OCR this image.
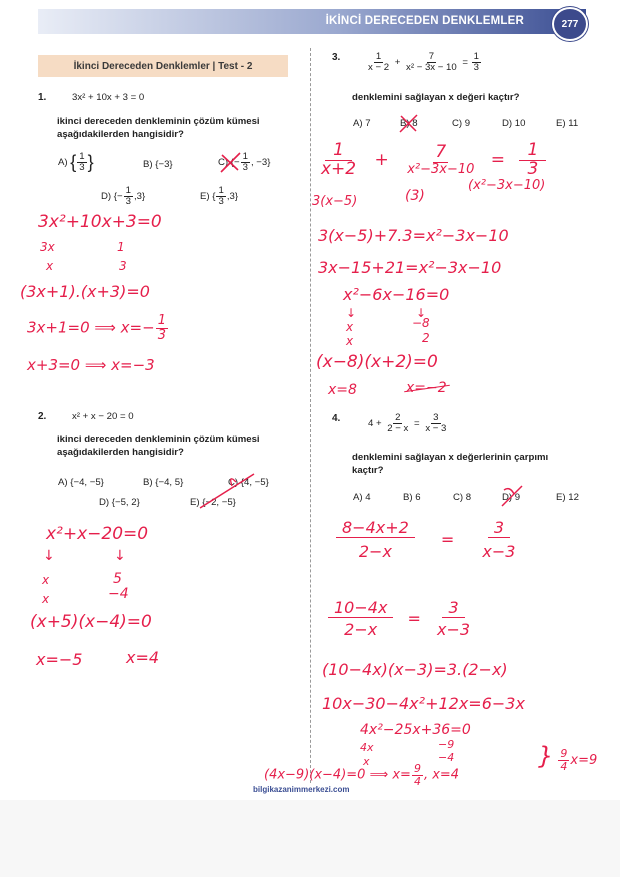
İKİNCİ DERECEDEN DENKLEMLER	277
İkinci Dereceden Denklemler | Test - 2
1.	3x² + 10x + 3 = 0
ikinci dereceden denkleminin çözüm kümesi
aşağıdakilerden hangisidir?
A) { $\frac{1}{3}$ }	B) {−3}	C) {− $\frac{1}{3}$ , −3}
D) {− $\frac{1}{3} ,3$}	E) { $\frac{1}{3} ,3$}
3x²+10x+3=0
3x	1
x	3
(3x+1).(x+3)=0
3x+1=0 ⟹ $x=- \frac{1}{3}$
x+3=0 ⟹ x=−3
2.	x² + x − 20 = 0
ikinci dereceden denkleminin çözüm kümesi
aşağıdakilerden hangisidir?
A) {−4, −5}	B) {−4, 5}	C) {4, −5}
D) {−5, 2}	E) {−2, −5}
x²+x−20=0
↓	↓
x	5
x	−4
(x+5)(x−4)=0
x=−5	x=4
3.	$\frac{1}{x - 2} + \frac{7}{\text{x² − 3x − 10}} = \frac{1}{3}$
denklemini sağlayan x değeri kaçtır?
A) 7	B) 8	C) 9	D) 10	E) 11
$\frac{1}{x+2} + \frac{7}{\text{x²−3x−10}} = \frac{1}{3}$
3(x−5)	(3)
(x²−3x−10)
3(x−5)+7.3=x²−3x−10
3x−15+21=x²−3x−10
x²−6x−16=0
↓	↓
x	−8
x	2
(x−8)(x+2)=0
x=8	x=−2
4.	$4 + \frac{2}{2 - x} = \frac{3}{x - 3}$
denklemini sağlayan x değerlerinin çarpımı
kaçtır?
A) 4	B) 6	C) 8	D) 9	E) 12
$\frac{8-4x+2}{2-x} = \frac{3}{x-3}$
$\frac{10-4x}{2-x} = \frac{3}{x-3}$
(10−4x)(x−3)=3.(2−x)
10x−30−4x²+12x=6−3x
4x²−25x+36=0
4x	−9
x	−4
(4x−9)(x−4)=0 ⟹ $x= \frac{9}{4}$ , x=4
} $\frac{9}{4} x=9$
bilgikazanimmerkezi.com
